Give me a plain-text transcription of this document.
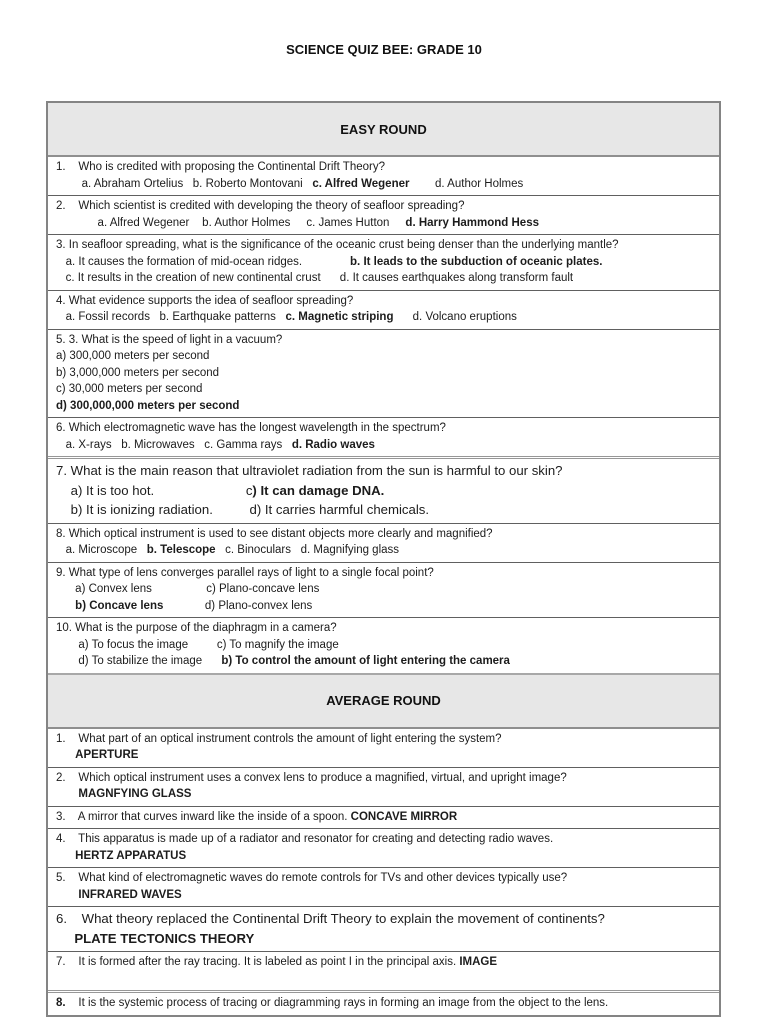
SCIENCE QUIZ BEE: GRADE 10
EASY ROUND
1.    Who is credited with proposing the Continental Drift Theory?
a. Abraham Ortelius   b. Roberto Montovani   c. Alfred Wegener        d. Author Holmes
2.    Which scientist is credited with developing the theory of seafloor spreading?
a. Alfred Wegener    b. Author Holmes     c. James Hutton     d. Harry Hammond Hess
3. In seafloor spreading, what is the significance of the oceanic crust being denser than the underlying mantle?
a. It causes the formation of mid-ocean ridges.               b. It leads to the subduction of oceanic plates.
c. It results in the creation of new continental crust      d. It causes earthquakes along transform fault
4. What evidence supports the idea of seafloor spreading?
a. Fossil records   b. Earthquake patterns   c. Magnetic striping      d. Volcano eruptions
5. 3. What is the speed of light in a vacuum?
a) 300,000 meters per second
b) 3,000,000 meters per second
c) 30,000 meters per second
d) 300,000,000 meters per second
6. Which electromagnetic wave has the longest wavelength in the spectrum?
a. X-rays   b. Microwaves   c. Gamma rays   d. Radio waves
7. What is the main reason that ultraviolet radiation from the sun is harmful to our skin?
a) It is too hot.                         c) It can damage DNA.
b) It is ionizing radiation.          d) It carries harmful chemicals.
8. Which optical instrument is used to see distant objects more clearly and magnified?
a. Microscope   b. Telescope   c. Binoculars   d. Magnifying glass
9. What type of lens converges parallel rays of light to a single focal point?
a) Convex lens                 c) Plano-concave lens
b) Concave lens             d) Plano-convex lens
10. What is the purpose of the diaphragm in a camera?
a) To focus the image         c) To magnify the image
d) To stabilize the image      b) To control the amount of light entering the camera
AVERAGE ROUND
1.    What part of an optical instrument controls the amount of light entering the system?
APERTURE
2.    Which optical instrument uses a convex lens to produce a magnified, virtual, and upright image?
MAGNFYING GLASS
3.    A mirror that curves inward like the inside of a spoon. CONCAVE MIRROR
4.    This apparatus is made up of a radiator and resonator for creating and detecting radio waves.
HERTZ APPARATUS
5.    What kind of electromagnetic waves do remote controls for TVs and other devices typically use?
INFRARED WAVES
6.    What theory replaced the Continental Drift Theory to explain the movement of continents?
PLATE TECTONICS THEORY
7.    It is formed after the ray tracing. It is labeled as point I in the principal axis. IMAGE

8.    It is the systemic process of tracing or diagramming rays in forming an image from the object to the lens.
